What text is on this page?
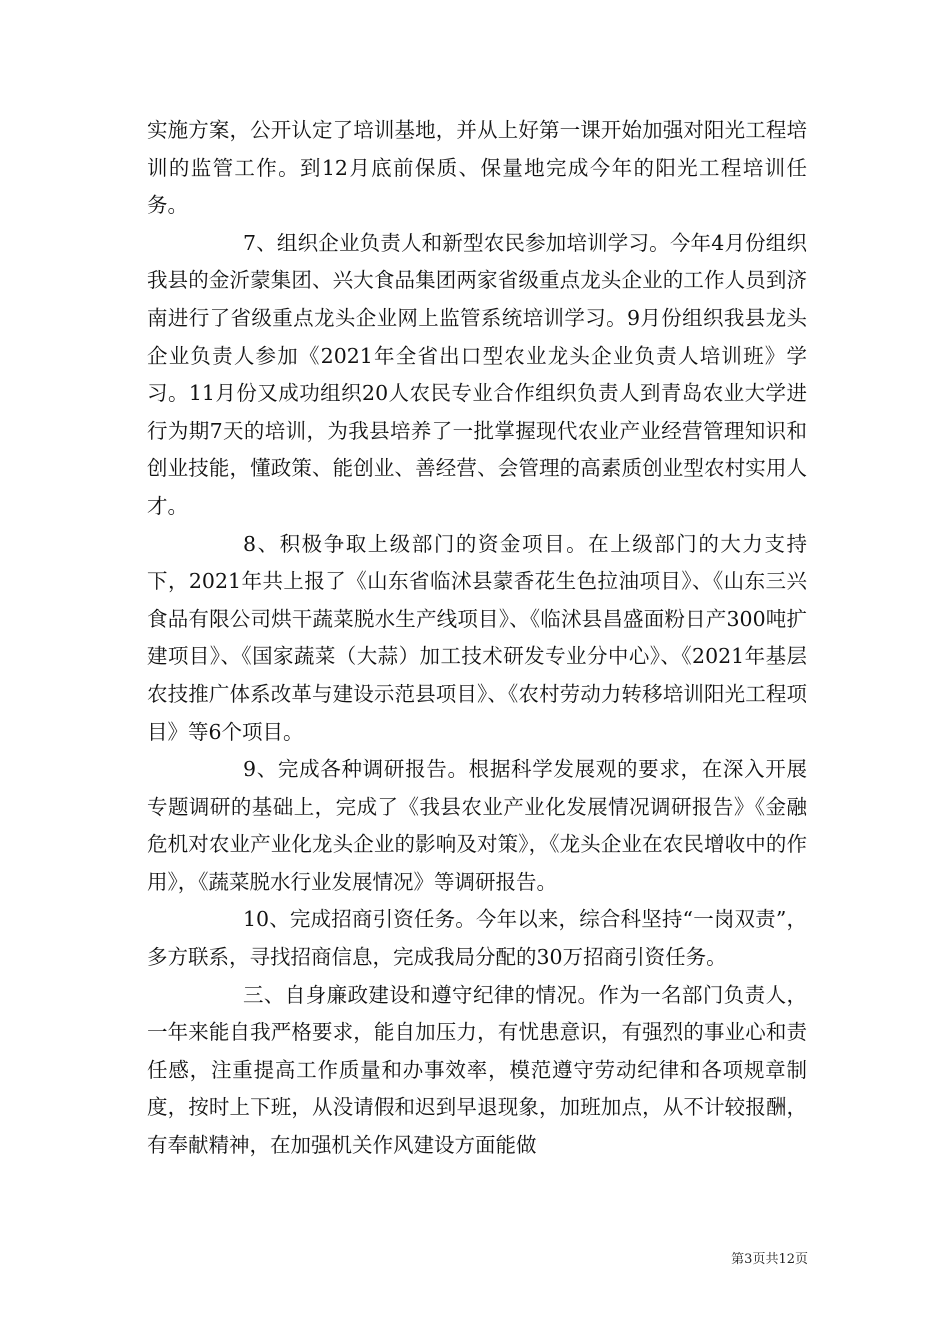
实施方案，公开认定了培训基地，并从上好第一课开始加强对阳光工程培训的监管工作。到12月底前保质、保量地完成今年的阳光工程培训任务。

7、组织企业负责人和新型农民参加培训学习。今年4月份组织我县的金沂蒙集团、兴大食品集团两家省级重点龙头企业的工作人员到济南进行了省级重点龙头企业网上监管系统培训学习。9月份组织我县龙头企业负责人参加《2021年全省出口型农业龙头企业负责人培训班》学习。11月份又成功组织20人农民专业合作组织负责人到青岛农业大学进行为期7天的培训，为我县培养了一批掌握现代农业产业经营管理知识和创业技能，懂政策、能创业、善经营、会管理的高素质创业型农村实用人才。

8、积极争取上级部门的资金项目。在上级部门的大力支持下，2021年共上报了《山东省临沭县蒙香花生色拉油项目》、《山东三兴食品有限公司烘干蔬菜脱水生产线项目》、《临沭县昌盛面粉日产300吨扩建项目》、《国家蔬菜（大蒜）加工技术研发专业分中心》、《2021年基层农技推广体系改革与建设示范县项目》、《农村劳动力转移培训阳光工程项目》等6个项目。

9、完成各种调研报告。根据科学发展观的要求，在深入开展专题调研的基础上，完成了《我县农业产业化发展情况调研报告》《金融危机对农业产业化龙头企业的影响及对策》，《龙头企业在农民增收中的作用》，《蔬菜脱水行业发展情况》等调研报告。

10、完成招商引资任务。今年以来，综合科坚持“一岗双责”，多方联系，寻找招商信息，完成我局分配的30万招商引资任务。

三、自身廉政建设和遵守纪律的情况。作为一名部门负责人，一年来能自我严格要求，能自加压力，有忧患意识，有强烈的事业心和责任感，注重提高工作质量和办事效率，模范遵守劳动纪律和各项规章制度，按时上下班，从没请假和迟到早退现象，加班加点，从不计较报酬，有奉献精神，在加强机关作风建设方面能做

第3页共12页
